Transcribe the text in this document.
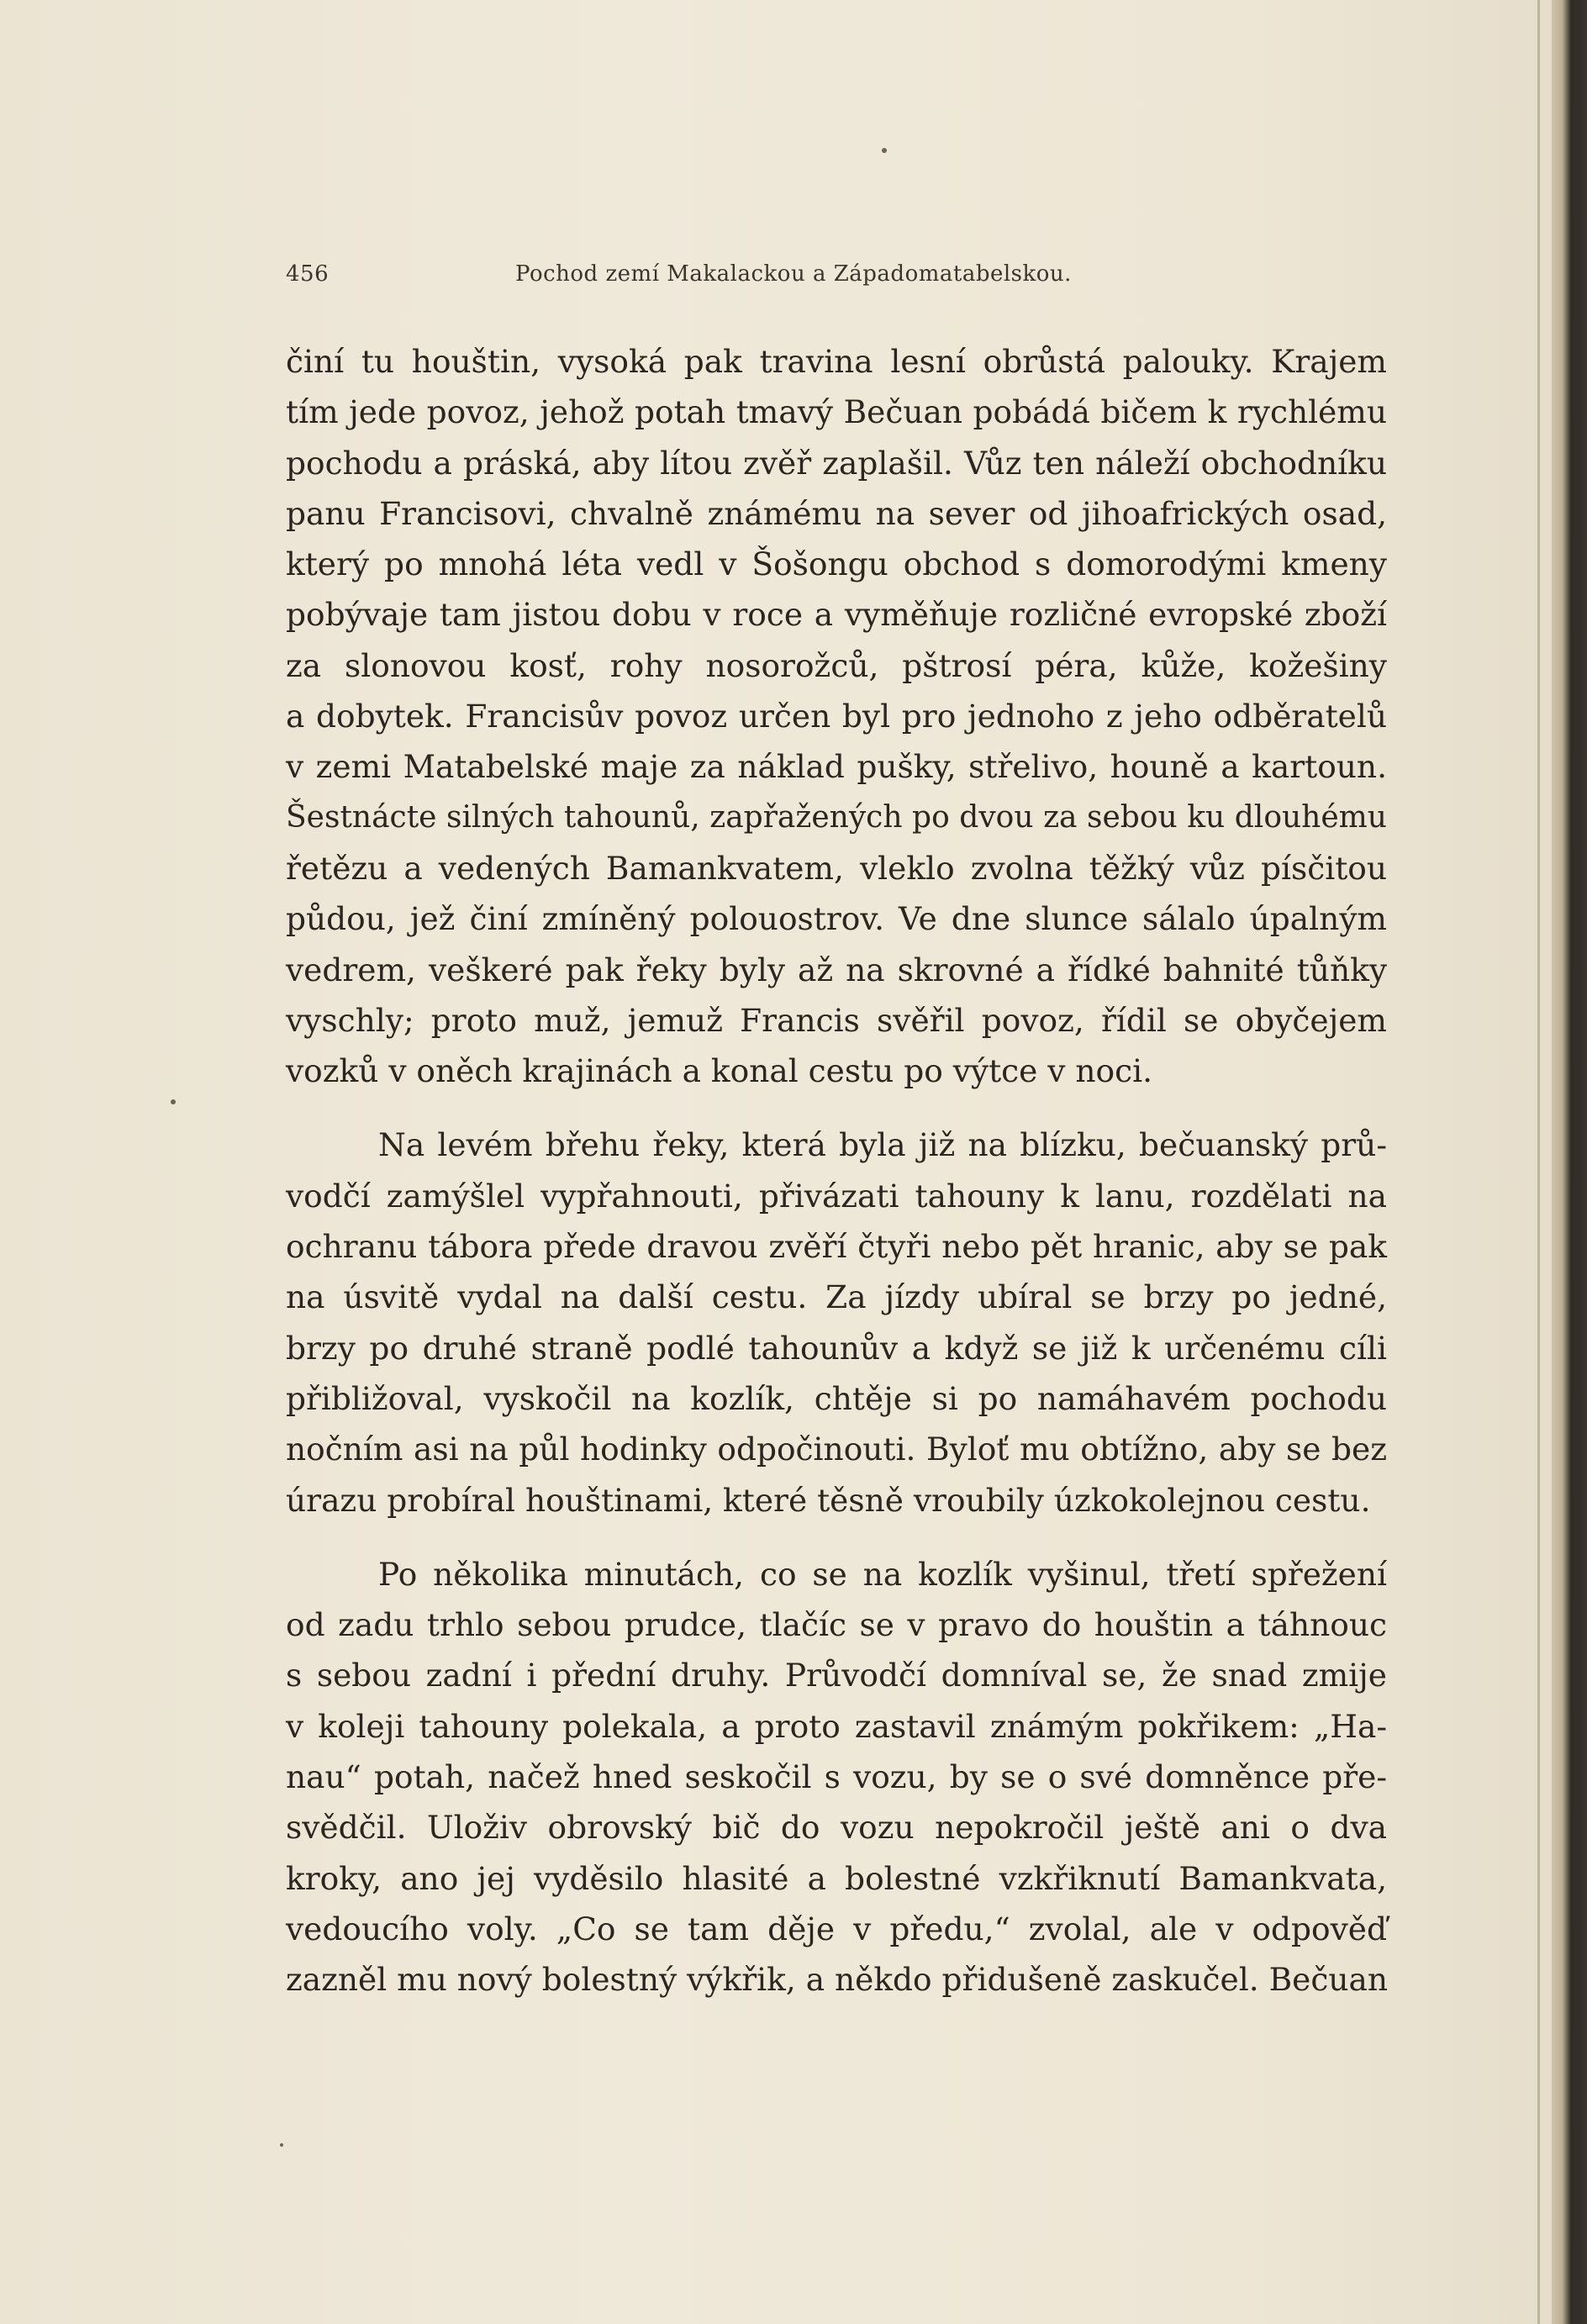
456	Pochod zemí Makalackou a Západomatabelskou.
činí tu houštin, vysoká pak travina lesní obrůstá palouky. Krajem
tím jede povoz, jehož potah tmavý Bečuan pobádá bičem k rychlému
pochodu a práská, aby lítou zvěř zaplašil. Vůz ten náleží obchodníku
panu Francisovi, chvalně známému na sever od jihoafrických osad,
který po mnohá léta vedl v Šošongu obchod s domorodými kmeny
pobývaje tam jistou dobu v roce a vyměňuje rozličné evropské zboží
za slonovou kosť, rohy nosorožců, pštrosí péra, kůže, kožešiny
a dobytek. Francisův povoz určen byl pro jednoho z jeho odběratelů
v zemi Matabelské maje za náklad pušky, střelivo, houně a kartoun.
Šestnácte silných tahounů, zapřažených po dvou za sebou ku dlouhému
řetězu a vedených Bamankvatem, vleklo zvolna těžký vůz písčitou
půdou, jež činí zmíněný polouostrov. Ve dne slunce sálalo úpalným
vedrem, veškeré pak řeky byly až na skrovné a řídké bahnité tůňky
vyschly; proto muž, jemuž Francis svěřil povoz, řídil se obyčejem
vozků v oněch krajinách a konal cestu po výtce v noci.
Na levém břehu řeky, která byla již na blízku, bečuanský prů-
vodčí zamýšlel vypřahnouti, přivázati tahouny k lanu, rozdělati na
ochranu tábora přede dravou zvěří čtyři nebo pět hranic, aby se pak
na úsvitě vydal na další cestu. Za jízdy ubíral se brzy po jedné,
brzy po druhé straně podlé tahounův a když se již k určenému cíli
přibližoval, vyskočil na kozlík, chtěje si po namáhavém pochodu
nočním asi na půl hodinky odpočinouti. Byloť mu obtížno, aby se bez
úrazu probíral houštinami, které těsně vroubily úzkokolejnou cestu.
Po několika minutách, co se na kozlík vyšinul, třetí spřežení
od zadu trhlo sebou prudce, tlačíc se v pravo do houštin a táhnouc
s sebou zadní i přední druhy. Průvodčí domníval se, že snad zmije
v koleji tahouny polekala, a proto zastavil známým pokřikem: „Ha-
nau“ potah, načež hned seskočil s vozu, by se o své domněnce pře-
svědčil. Uloživ obrovský bič do vozu nepokročil ještě ani o dva
kroky, ano jej vyděsilo hlasité a bolestné vzkřiknutí Bamankvata,
vedoucího voly. „Co se tam děje v předu,“ zvolal, ale v odpověď
zazněl mu nový bolestný výkřik, a někdo přidušeně zaskučel. Bečuan
